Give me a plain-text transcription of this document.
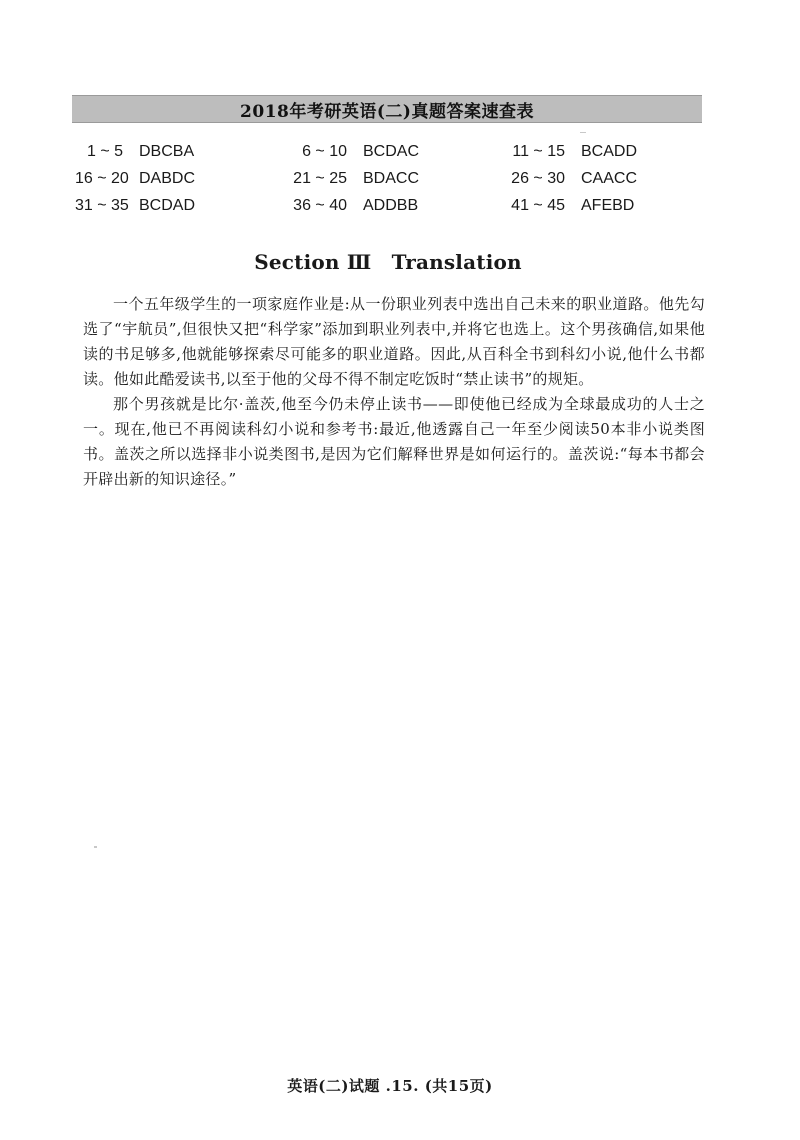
2018年考研英语(二)真题答案速查表
1 ~ 5 DBCBA	6 ~ 10 BCDAC	11 ~ 15 BCADD
16 ~ 20 DABDC	21 ~ 25 BDACC	26 ~ 30 CAACC
31 ~ 35 BCDAD	36 ~ 40 ADDBB	41 ~ 45 AFEBD
Section Ⅲ　Translation

一个五年级学生的一项家庭作业是:从一份职业列表中选出自己未来的职业道路。他先勾选了“宇航员”,但很快又把“科学家”添加到职业列表中,并将它也选上。这个男孩确信,如果他读的书足够多,他就能够探索尽可能多的职业道路。因此,从百科全书到科幻小说,他什么书都读。他如此酷爱读书,以至于他的父母不得不制定吃饭时“禁止读书”的规矩。

那个男孩就是比尔·盖茨,他至今仍未停止读书——即使他已经成为全球最成功的人士之一。现在,他已不再阅读科幻小说和参考书:最近,他透露自己一年至少阅读50本非小说类图书。盖茨之所以选择非小说类图书,是因为它们解释世界是如何运行的。盖茨说:“每本书都会开辟出新的知识途径。”

英语(二)试题 .15. (共15页)
